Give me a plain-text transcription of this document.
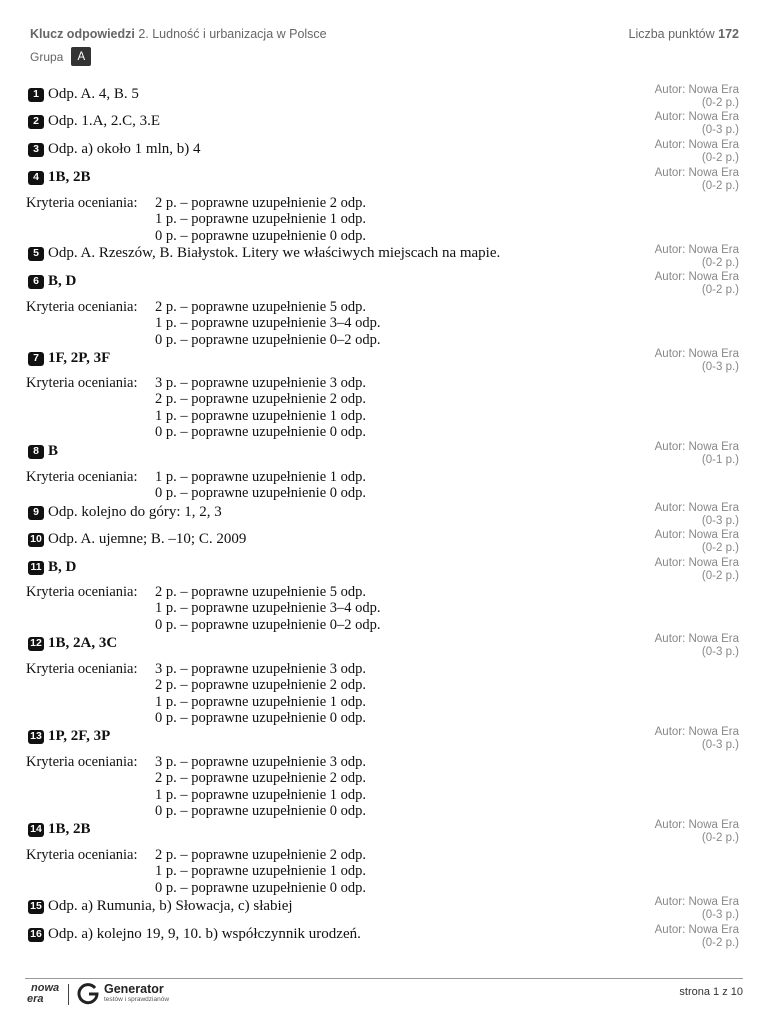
Klucz odpowiedzi 2. Ludność i urbanizacja w Polsce	Liczba punktów 172
Grupa	A
1 Odp. A. 4, B. 5	Autor: Nowa Era
(0-2 p.)
2 Odp. 1.A, 2.C, 3.E	Autor: Nowa Era
(0-3 p.)
3 Odp. a) około 1 mln, b) 4	Autor: Nowa Era
(0-2 p.)
4 1B, 2B	Autor: Nowa Era
(0-2 p.)
Kryteria oceniania: 2 p. – poprawne uzupełnienie 2 odp.
1 p. – poprawne uzupełnienie 1 odp.
0 p. – poprawne uzupełnienie 0 odp.
5 Odp. A. Rzeszów, B. Białystok. Litery we właściwych miejscach na mapie.	Autor: Nowa Era
(0-2 p.)
6 B, D	Autor: Nowa Era
(0-2 p.)
Kryteria oceniania: 2 p. – poprawne uzupełnienie 5 odp.
1 p. – poprawne uzupełnienie 3–4 odp.
0 p. – poprawne uzupełnienie 0–2 odp.
7 1F, 2P, 3F	Autor: Nowa Era
(0-3 p.)
Kryteria oceniania: 3 p. – poprawne uzupełnienie 3 odp.
2 p. – poprawne uzupełnienie 2 odp.
1 p. – poprawne uzupełnienie 1 odp.
0 p. – poprawne uzupełnienie 0 odp.
8 B	Autor: Nowa Era
(0-1 p.)
Kryteria oceniania: 1 p. – poprawne uzupełnienie 1 odp.
0 p. – poprawne uzupełnienie 0 odp.
9 Odp. kolejno do góry: 1, 2, 3	Autor: Nowa Era
(0-3 p.)
10 Odp. A. ujemne; B. –10; C. 2009	Autor: Nowa Era
(0-2 p.)
11 B, D	Autor: Nowa Era
(0-2 p.)
Kryteria oceniania: 2 p. – poprawne uzupełnienie 5 odp.
1 p. – poprawne uzupełnienie 3–4 odp.
0 p. – poprawne uzupełnienie 0–2 odp.
12 1B, 2A, 3C	Autor: Nowa Era
(0-3 p.)
Kryteria oceniania: 3 p. – poprawne uzupełnienie 3 odp.
2 p. – poprawne uzupełnienie 2 odp.
1 p. – poprawne uzupełnienie 1 odp.
0 p. – poprawne uzupełnienie 0 odp.
13 1P, 2F, 3P	Autor: Nowa Era
(0-3 p.)
Kryteria oceniania: 3 p. – poprawne uzupełnienie 3 odp.
2 p. – poprawne uzupełnienie 2 odp.
1 p. – poprawne uzupełnienie 1 odp.
0 p. – poprawne uzupełnienie 0 odp.
14 1B, 2B	Autor: Nowa Era
(0-2 p.)
Kryteria oceniania: 2 p. – poprawne uzupełnienie 2 odp.
1 p. – poprawne uzupełnienie 1 odp.
0 p. – poprawne uzupełnienie 0 odp.
15 Odp. a) Rumunia, b) Słowacja, c) słabiej	Autor: Nowa Era
(0-3 p.)
16 Odp. a) kolejno 19, 9, 10. b) współczynnik urodzeń.	Autor: Nowa Era
(0-2 p.)
nowa
era
Generator
testów i sprawdzianów
strona 1 z 10
